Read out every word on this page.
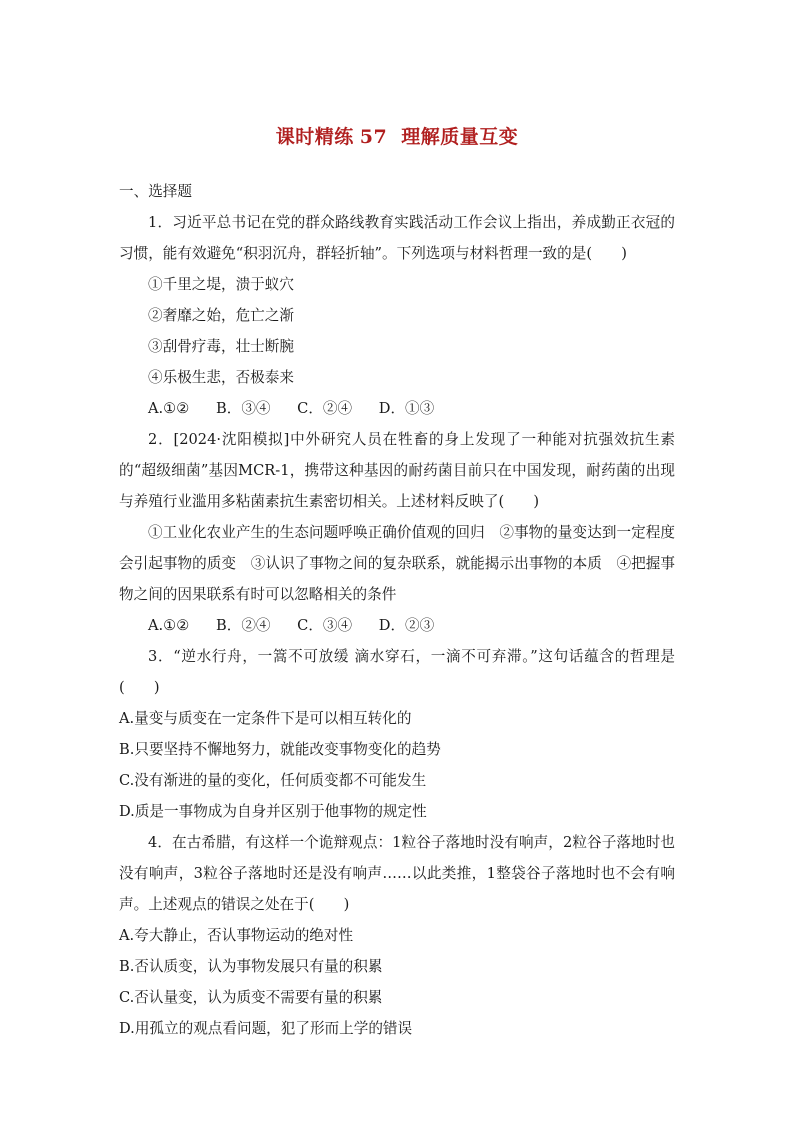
课时精练 57 理解质量互变
一、选择题
1．习近平总书记在党的群众路线教育实践活动工作会议上指出，养成勤正衣冠的习惯，能有效避免“积羽沉舟，群轻折轴”。下列选项与材料哲理一致的是(　　)
①千里之堤，溃于蚁穴
②奢靡之始，危亡之渐
③刮骨疗毒，壮士断腕
④乐极生悲，否极泰来
A.①② B．③④ C．②④ D．①③
2．[2024·沈阳模拟]中外研究人员在牲畜的身上发现了一种能对抗强效抗生素的“超级细菌”基因MCR-1，携带这种基因的耐药菌目前只在中国发现，耐药菌的出现与养殖行业滥用多粘菌素抗生素密切相关。上述材料反映了(　　)
①工业化农业产生的生态问题呼唤正确价值观的回归　②事物的量变达到一定程度会引起事物的质变　③认识了事物之间的复杂联系，就能揭示出事物的本质　④把握事物之间的因果联系有时可以忽略相关的条件
A.①② B．②④ C．③④ D．②③
3．“逆水行舟，一篙不可放缓 滴水穿石，一滴不可弃滞。”这句话蕴含的哲理是(　　)
A.量变与质变在一定条件下是可以相互转化的
B.只要坚持不懈地努力，就能改变事物变化的趋势
C.没有渐进的量的变化，任何质变都不可能发生
D.质是一事物成为自身并区别于他事物的规定性
4．在古希腊，有这样一个诡辩观点：1粒谷子落地时没有响声，2粒谷子落地时也没有响声，3粒谷子落地时还是没有响声……以此类推，1整袋谷子落地时也不会有响声。上述观点的错误之处在于(　　)
A.夸大静止，否认事物运动的绝对性
B.否认质变，认为事物发展只有量的积累
C.否认量变，认为质变不需要有量的积累
D.用孤立的观点看问题，犯了形而上学的错误
